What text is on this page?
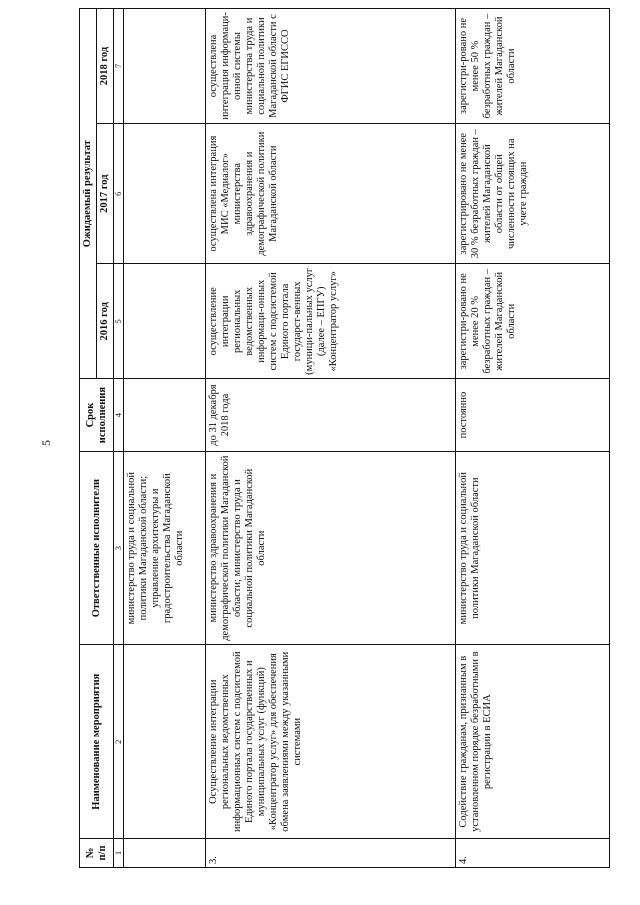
5
№ п/п	Наименование мероприятия	Ответственные исполнители	Срок исполнения	Ожидаемый результат		
				2016 год	2017 год	2018 год
1	2	3	4	5	6	7
		министерство труда и социальной политики Магаданской области; управление архитектуры и градостроительства Магаданской области				
3.	Осуществление интеграции региональных ведомственных информационных систем с подсистемой Единого портала государственных и муниципальных услуг (функций) «Концентратор услуг» для обеспечения обмена заявлениями между указанными системами	министерство здравоохранения и демографической политики Магаданской области; министерство труда и социальной политики Магаданской области	до 31 декабря 2018 года	осуществление интеграции региональных ведомственных информаци-онных систем с подсистемой Единого портала государст-венных (муници-пальных услуг (далее – ЕПГУ) «Концентратор услуг»	осуществлена интеграция МИС «Медиалог» министерства здравоохранения и демографической политики Магаданской области	осуществлена интеграция информаци-онной системы министерства труда и социальной политики Магаданской области с ФГИС ЕГИССО
4.	Содействие гражданам, признанным в установленном порядке безработными в регистрации в ЕСИА	министерство труда и социальной политики Магаданской области	постоянно	зарегистри-ровано не менее 20 % безработных граждан – жителей Магаданской области	зарегистрировано не менее 30 % безработных граждан – жителей Магаданской области от общей численности стоящих на учете граждан	зарегистри-ровано не менее 50 % безработных граждан – жителей Магаданской области
